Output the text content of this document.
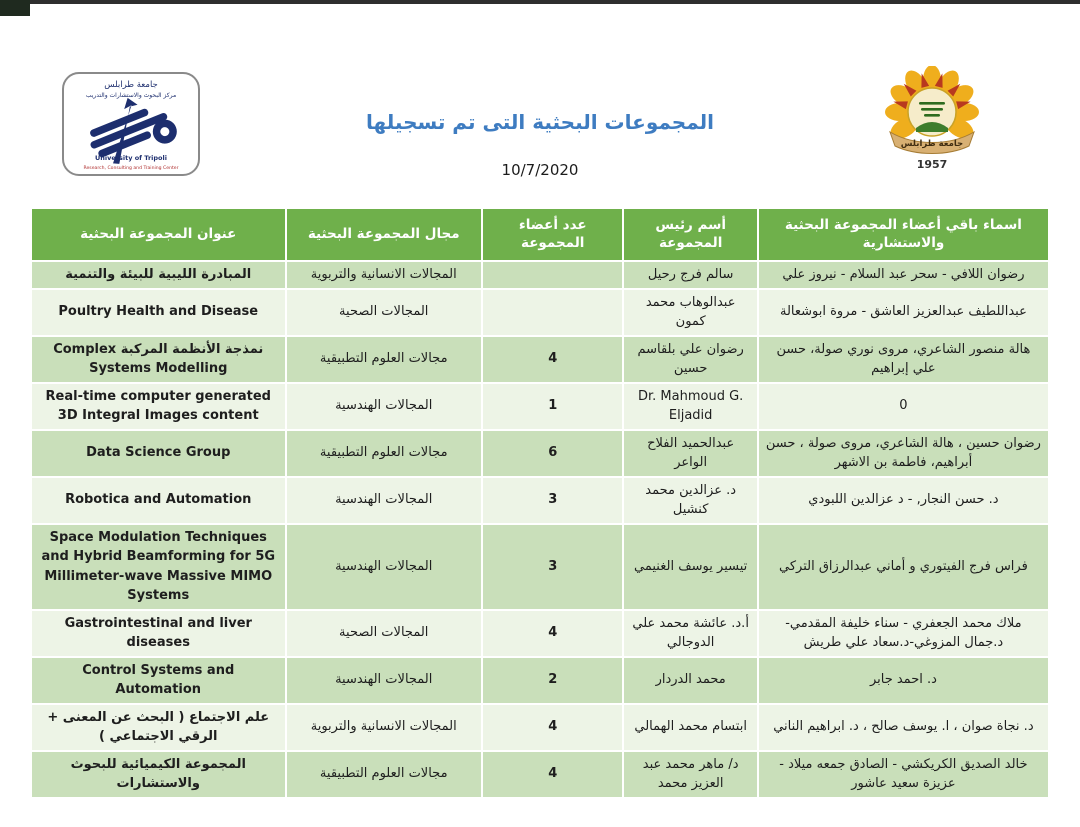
جامعة طرابلس
مركز البحوث والاستشارات والتدريب
University of Tripoli
Research, Consulting and Training Center
المجموعات البحثية التى تم تسجيلها
10/7/2020
جامعة طرابلس
1957
عنوان المجموعة البحثية	مجال المجموعة البحثية	عدد أعضاء المجموعة	أسم رئيس المجموعة	اسماء باقي أعضاء المجموعة البحثية والاستشارية
المبادرة الليبية للبيئة والتنمية	المجالات الانسانية والتربوية		سالم فرج رحيل	رضوان اللافي - سحر عبد السلام - نيروز علي
Poultry Health and Disease	المجالات الصحية		عبدالوهاب محمد كمون	عبداللطيف عبدالعزيز العاشق - مروة ابوشعالة
نمذجة الأنظمة المركبة Complex Systems Modelling	مجالات العلوم التطبيقية	4	رضوان علي بلقاسم حسين	هالة منصور الشاعري، مروى نوري صولة، حسن علي إبراهيم
Real-time computer generated 3D Integral Images content	المجالات الهندسية	1	Dr. Mahmoud G. Eljadid	0
Data Science Group	مجالات العلوم التطبيقية	6	عبدالحميد الفلاح الواعر	رضوان حسين ، هالة الشاعري، مروى صولة ، حسن أبراهيم، فاطمة بن الاشهر
Robotica and Automation	المجالات الهندسية	3	د. عزالدين محمد كنشيل	د. حسن النجار, - د عزالدين اللبودي
Space Modulation Techniques and Hybrid Beamforming for 5G Millimeter-wave Massive MIMO Systems	المجالات الهندسية	3	تيسير يوسف الغنيمي	فراس فرج الفيتوري و أماني عبدالرزاق التركي
Gastrointestinal and liver diseases	المجالات الصحية	4	أ.د. عائشة محمد علي الدوجالي	ملاك محمد الجعفري - سناء خليفة المقدمي- د.جمال المزوغي-د.سعاد علي طريش
Control Systems and Automation	المجالات الهندسية	2	محمد الدردار	د. احمد جابر
علم الاجتماع ( البحث عن المعنى + الرقي الاجتماعي )	المجالات الانسانية والتربوية	4	ابتسام محمد الهمالي	د. نجاة صوان ، ا. يوسف صالح ، د. ابراهيم الناني
المجموعة الكيميائية للبحوث والاستشارات	مجالات العلوم التطبيقية	4	د/ ماهر محمد عبد العزيز محمد	خالد الصديق الكريكشي - الصادق جمعه ميلاد - عزيزة سعيد عاشور
